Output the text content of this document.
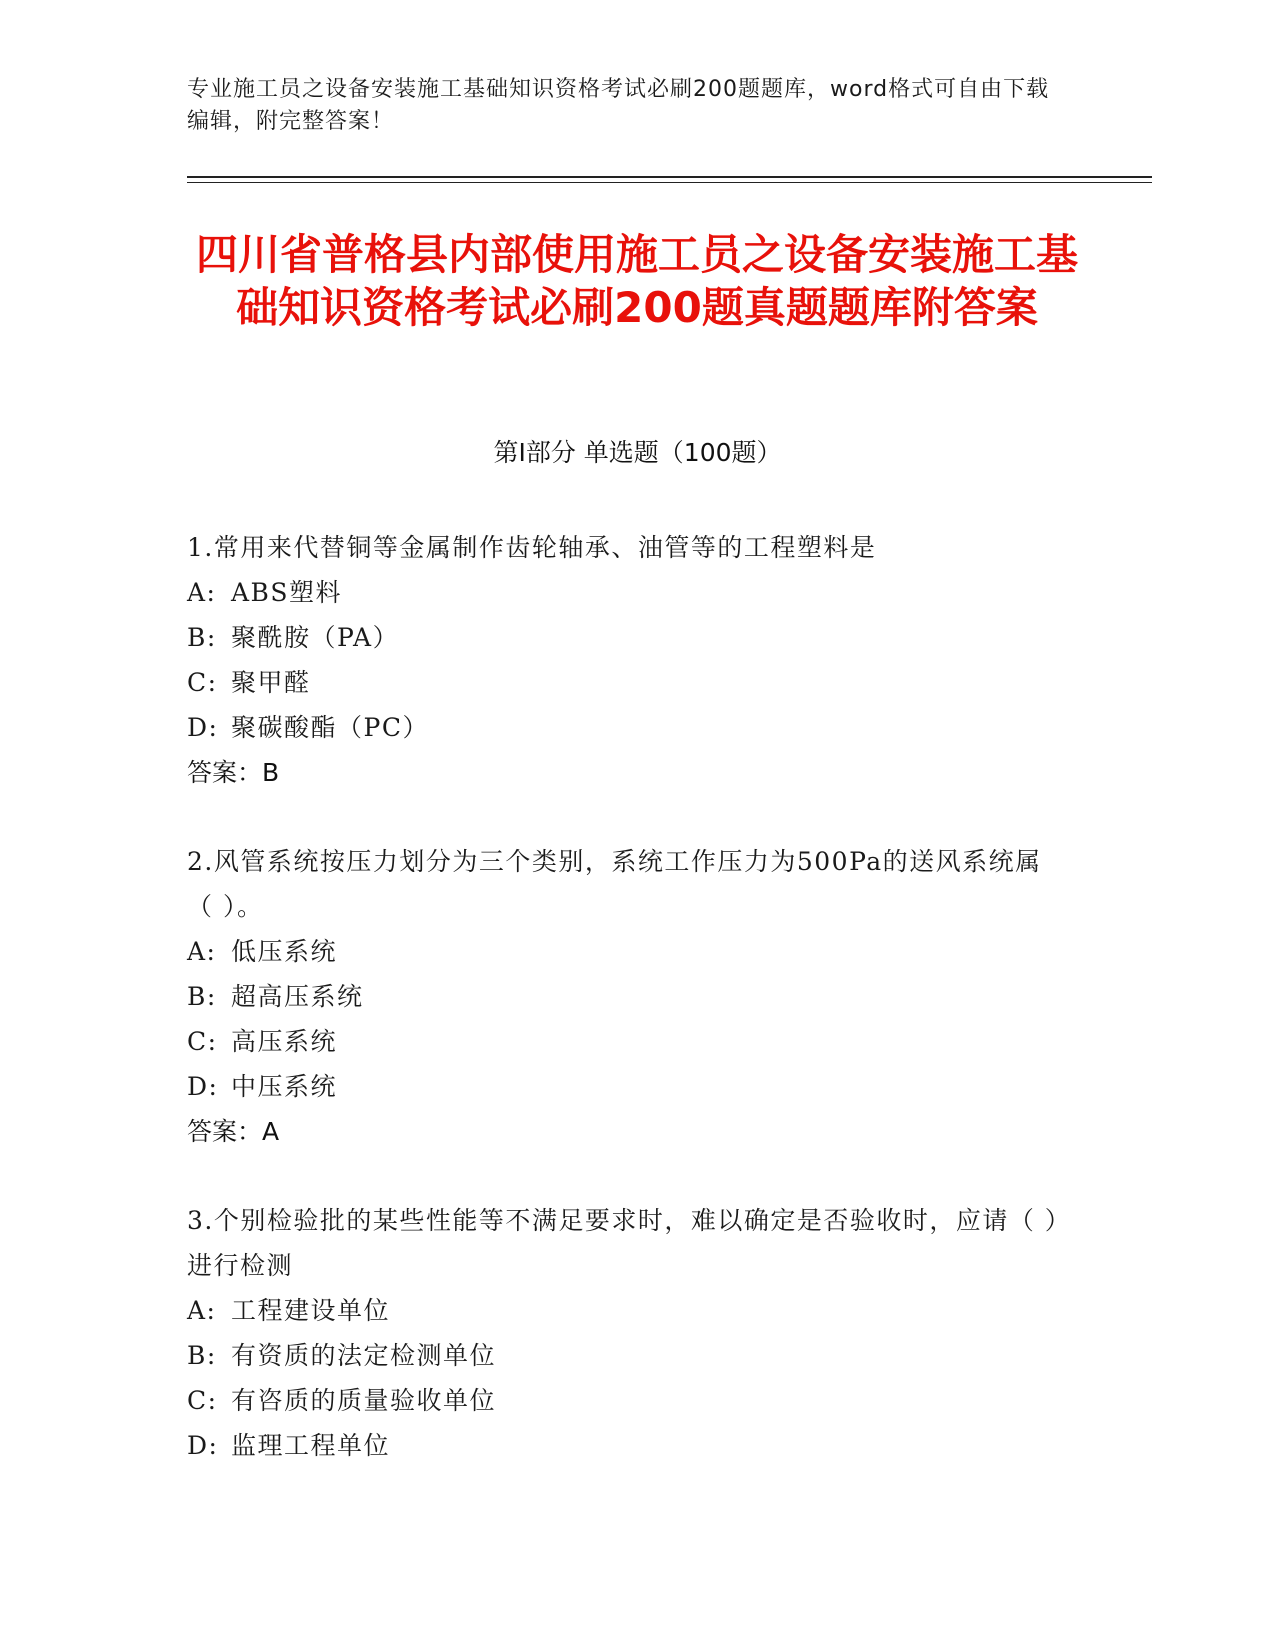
专业施工员之设备安装施工基础知识资格考试必刷200题题库，word格式可自由下载编辑，附完整答案！
四川省普格县内部使用施工员之设备安装施工基础知识资格考试必刷200题真题题库附答案
第Ⅰ部分 单选题（100题）
1.常用来代替铜等金属制作齿轮轴承、油管等的工程塑料是
A: ABS塑料
B: 聚酰胺（PA）
C: 聚甲醛
D: 聚碳酸酯（PC）
答案：B
2.风管系统按压力划分为三个类别，系统工作压力为500Pa的送风系统属（ ）。
A: 低压系统
B: 超高压系统
C: 高压系统
D: 中压系统
答案：A
3.个别检验批的某些性能等不满足要求时，难以确定是否验收时，应请（ ）进行检测
A: 工程建设单位
B: 有资质的法定检测单位
C: 有咨质的质量验收单位
D: 监理工程单位
